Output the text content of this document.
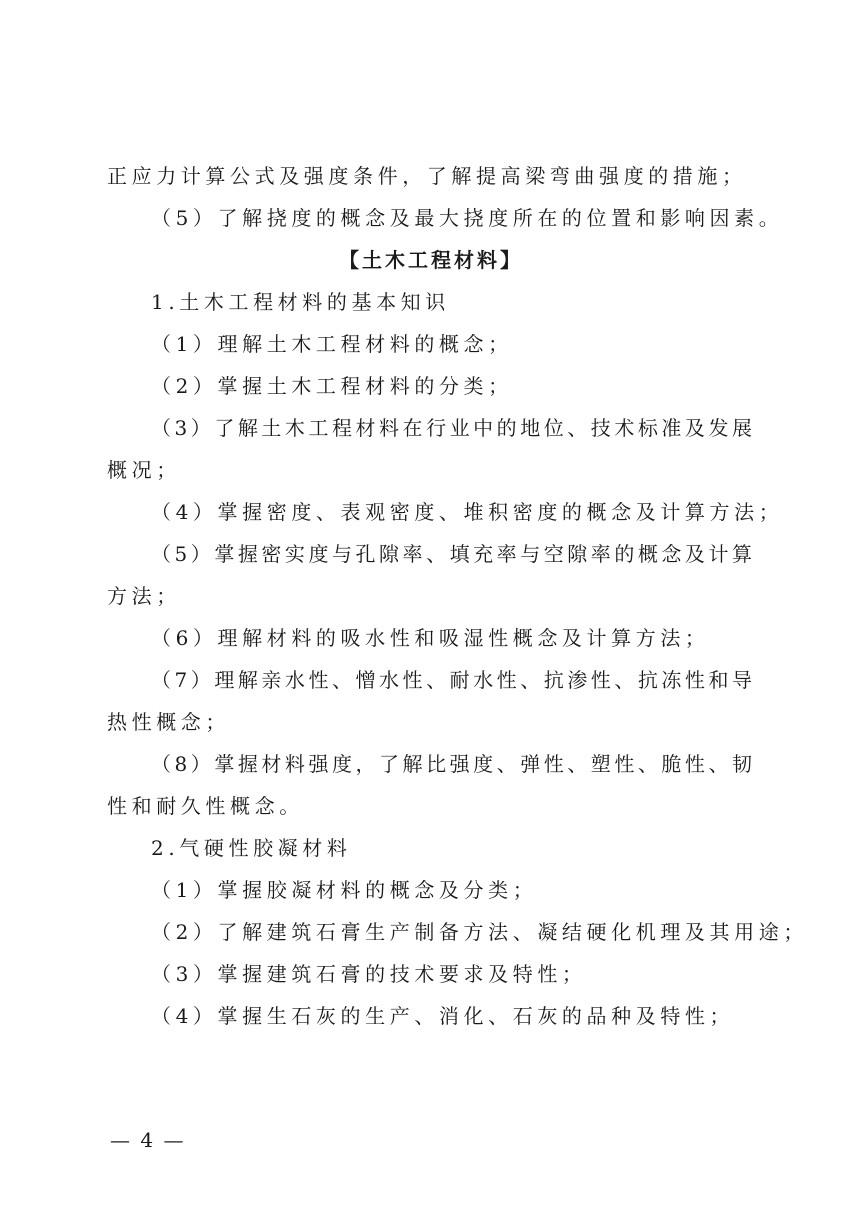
正应力计算公式及强度条件，了解提高梁弯曲强度的措施；
（5）了解挠度的概念及最大挠度所在的位置和影响因素。
【土木工程材料】
1.土木工程材料的基本知识
（1）理解土木工程材料的概念；
（2）掌握土木工程材料的分类；
（3）了解土木工程材料在行业中的地位、技术标准及发展
概况；
（4）掌握密度、表观密度、堆积密度的概念及计算方法；
（5）掌握密实度与孔隙率、填充率与空隙率的概念及计算
方法；
（6）理解材料的吸水性和吸湿性概念及计算方法；
（7）理解亲水性、憎水性、耐水性、抗渗性、抗冻性和导
热性概念；
（8）掌握材料强度，了解比强度、弹性、塑性、脆性、韧
性和耐久性概念。
2.气硬性胶凝材料
（1）掌握胶凝材料的概念及分类；
（2）了解建筑石膏生产制备方法、凝结硬化机理及其用途；
（3）掌握建筑石膏的技术要求及特性；
（4）掌握生石灰的生产、消化、石灰的品种及特性；
— 4 —
